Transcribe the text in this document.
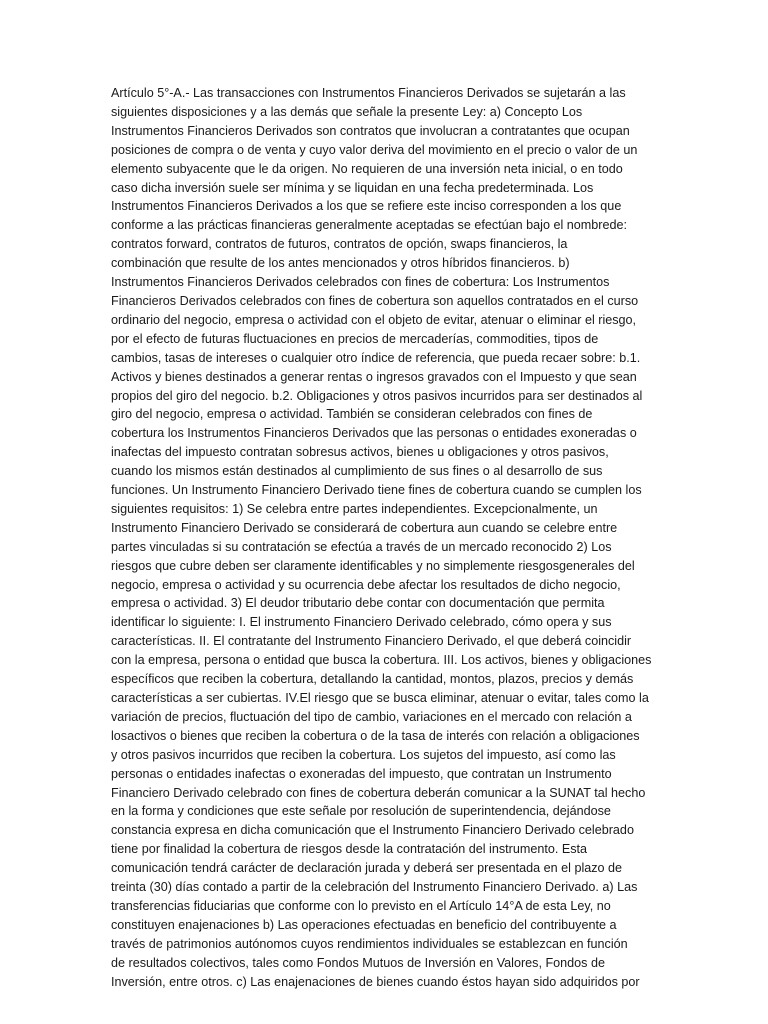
Artículo 5°-A.- Las transacciones con Instrumentos Financieros Derivados se sujetarán a las
siguientes disposiciones y a las demás que señale la presente Ley: a) Concepto Los
Instrumentos Financieros Derivados son contratos que involucran a contratantes que ocupan
posiciones de compra o de venta y cuyo valor deriva del movimiento en el precio o valor de un
elemento subyacente que le da origen. No requieren de una inversión neta inicial, o en todo
caso dicha inversión suele ser mínima y se liquidan en una fecha predeterminada. Los
Instrumentos Financieros Derivados a los que se refiere este inciso corresponden a los que
conforme a las prácticas financieras generalmente aceptadas se efectúan bajo el nombrede:
contratos forward, contratos de futuros, contratos de opción, swaps financieros, la
combinación que resulte de los antes mencionados y otros híbridos financieros. b)
Instrumentos Financieros Derivados celebrados con fines de cobertura: Los Instrumentos
Financieros Derivados celebrados con fines de cobertura son aquellos contratados en el curso
ordinario del negocio, empresa o actividad con el objeto de evitar, atenuar o eliminar el riesgo,
por el efecto de futuras fluctuaciones en precios de mercaderías, commodities, tipos de
cambios, tasas de intereses o cualquier otro índice de referencia, que pueda recaer sobre: b.1.
Activos y bienes destinados a generar rentas o ingresos gravados con el Impuesto y que sean
propios del giro del negocio. b.2. Obligaciones y otros pasivos incurridos para ser destinados al
giro del negocio, empresa o actividad. También se consideran celebrados con fines de
cobertura los Instrumentos Financieros Derivados que las personas o entidades exoneradas o
inafectas del impuesto contratan sobresus activos, bienes u obligaciones y otros pasivos,
cuando los mismos están destinados al cumplimiento de sus fines o al desarrollo de sus
funciones. Un Instrumento Financiero Derivado tiene fines de cobertura cuando se cumplen los
siguientes requisitos: 1) Se celebra entre partes independientes. Excepcionalmente, un
Instrumento Financiero Derivado se considerará de cobertura aun cuando se celebre entre
partes vinculadas si su contratación se efectúa a través de un mercado reconocido 2) Los
riesgos que cubre deben ser claramente identificables y no simplemente riesgosgenerales del
negocio, empresa o actividad y su ocurrencia debe afectar los resultados de dicho negocio,
empresa o actividad. 3) El deudor tributario debe contar con documentación que permita
identificar lo siguiente: I. El instrumento Financiero Derivado celebrado, cómo opera y sus
características. II. El contratante del Instrumento Financiero Derivado, el que deberá coincidir
con la empresa, persona o entidad que busca la cobertura. III. Los activos, bienes y obligaciones
específicos que reciben la cobertura, detallando la cantidad, montos, plazos, precios y demás
características a ser cubiertas. IV.El riesgo que se busca eliminar, atenuar o evitar, tales como la
variación de precios, fluctuación del tipo de cambio, variaciones en el mercado con relación a
losactivos o bienes que reciben la cobertura o de la tasa de interés con relación a obligaciones
y otros pasivos incurridos que reciben la cobertura. Los sujetos del impuesto, así como las
personas o entidades inafectas o exoneradas del impuesto, que contratan un Instrumento
Financiero Derivado celebrado con fines de cobertura deberán comunicar a la SUNAT tal hecho
en la forma y condiciones que este señale por resolución de superintendencia, dejándose
constancia expresa en dicha comunicación que el Instrumento Financiero Derivado celebrado
tiene por finalidad la cobertura de riesgos desde la contratación del instrumento. Esta
comunicación tendrá carácter de declaración jurada y deberá ser presentada en el plazo de
treinta (30) días contado a partir de la celebración del Instrumento Financiero Derivado. a) Las
transferencias fiduciarias que conforme con lo previsto en el Artículo 14°A de esta Ley, no
constituyen enajenaciones b) Las operaciones efectuadas en beneficio del contribuyente a
través de patrimonios autónomos cuyos rendimientos individuales se establezcan en función
de resultados colectivos, tales como Fondos Mutuos de Inversión en Valores, Fondos de
Inversión, entre otros. c) Las enajenaciones de bienes cuando éstos hayan sido adquiridos por
